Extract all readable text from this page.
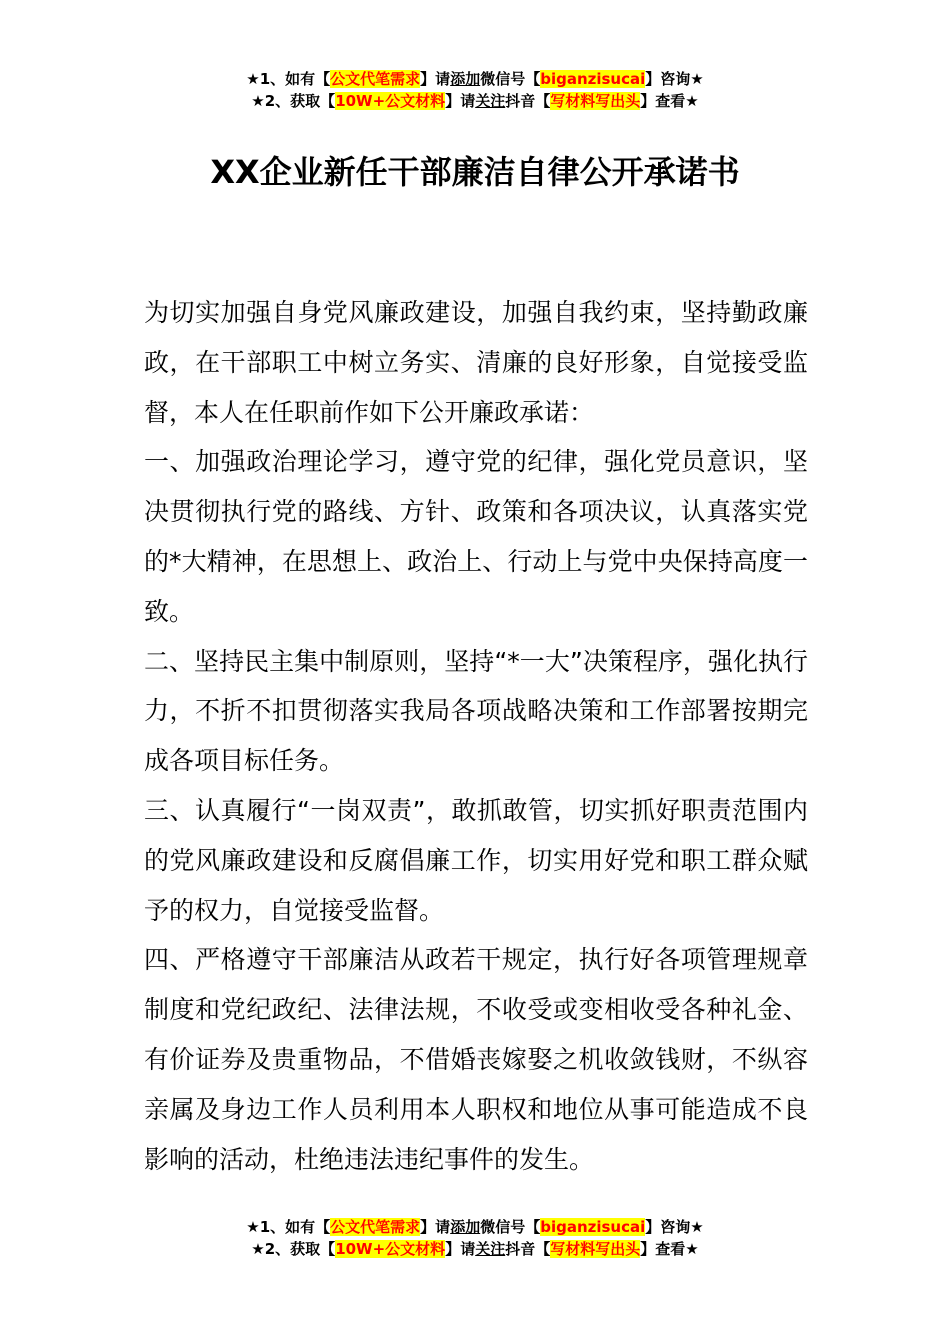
★1、如有【公文代笔需求】请添加微信号【biganzisucai】咨询★
★2、获取【10W+公文材料】请关注抖音【写材料写出头】查看★
XX企业新任干部廉洁自律公开承诺书

为切实加强自身党风廉政建设，加强自我约束，坚持勤政廉政，在干部职工中树立务实、清廉的良好形象，自觉接受监督，本人在任职前作如下公开廉政承诺：

一、加强政治理论学习，遵守党的纪律，强化党员意识，坚决贯彻执行党的路线、方针、政策和各项决议，认真落实党的*大精神，在思想上、政治上、行动上与党中央保持高度一致。

二、坚持民主集中制原则，坚持“*一大”决策程序，强化执行力，不折不扣贯彻落实我局各项战略决策和工作部署按期完成各项目标任务。

三、认真履行“一岗双责”，敢抓敢管，切实抓好职责范围内的党风廉政建设和反腐倡廉工作，切实用好党和职工群众赋予的权力，自觉接受监督。

四、严格遵守干部廉洁从政若干规定，执行好各项管理规章制度和党纪政纪、法律法规，不收受或变相收受各种礼金、有价证券及贵重物品，不借婚丧嫁娶之机收敛钱财，不纵容亲属及身边工作人员利用本人职权和地位从事可能造成不良影响的活动，杜绝违法违纪事件的发生。

★1、如有【公文代笔需求】请添加微信号【biganzisucai】咨询★
★2、获取【10W+公文材料】请关注抖音【写材料写出头】查看★
